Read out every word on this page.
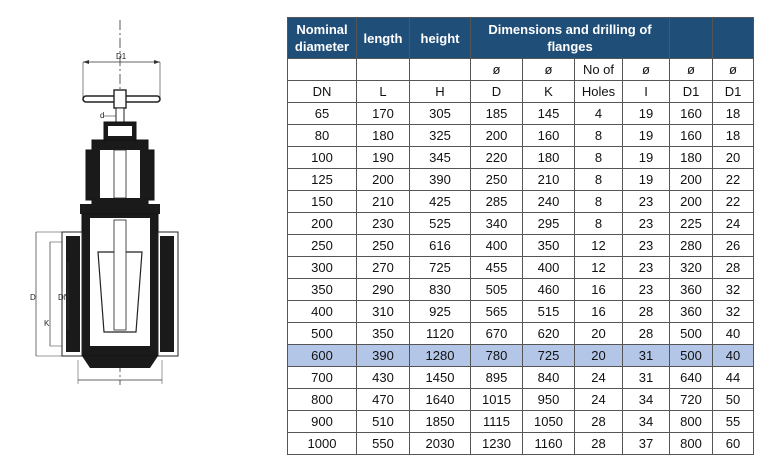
D1
d
D
K
DN
Nominal diameter	length	height	Dimensions and drilling of flanges					
			ø	ø	No of	ø	ø	ø
DN	L	H	D	K	Holes	I	D1	D1
65	170	305	185	145	4	19	160	18
80	180	325	200	160	8	19	160	18
100	190	345	220	180	8	19	180	20
125	200	390	250	210	8	19	200	22
150	210	425	285	240	8	23	200	22
200	230	525	340	295	8	23	225	24
250	250	616	400	350	12	23	280	26
300	270	725	455	400	12	23	320	28
350	290	830	505	460	16	23	360	32
400	310	925	565	515	16	28	360	32
500	350	1120	670	620	20	28	500	40
600	390	1280	780	725	20	31	500	40
700	430	1450	895	840	24	31	640	44
800	470	1640	1015	950	24	34	720	50
900	510	1850	1115	1050	28	34	800	55
1000	550	2030	1230	1160	28	37	800	60
